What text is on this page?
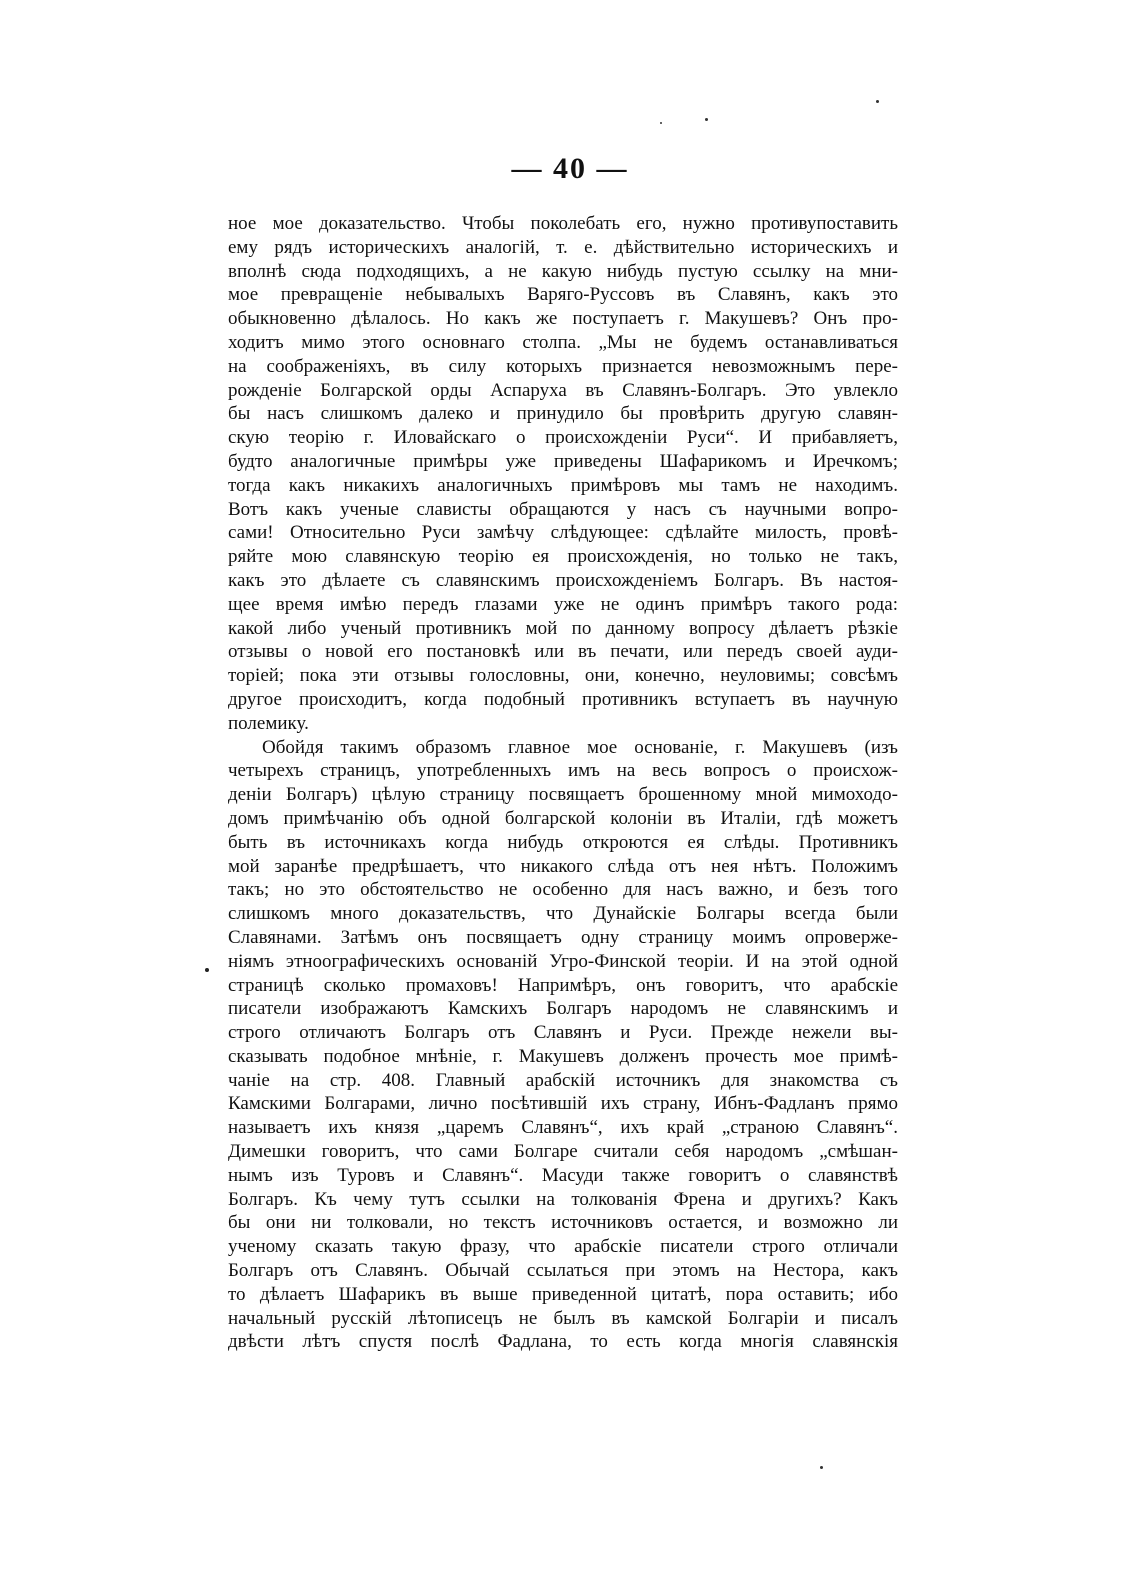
— 40 —
ное мое доказательство. Чтобы поколебать его, нужно противупоставить
ему рядъ историческихъ аналогій, т. е. дѣйствительно историческихъ и
вполнѣ сюда подходящихъ, а не какую нибудь пустую ссылку на мни-
мое превращеніе небывалыхъ Варяго-Руссовъ въ Славянъ, какъ это
обыкновенно дѣлалось. Но какъ же поступаетъ г. Макушевъ? Онъ про-
ходитъ мимо этого основнаго столпа. „Мы не будемъ останавливаться
на соображеніяхъ, въ силу которыхъ признается невозможнымъ пере-
рожденіе Болгарской орды Аспаруха въ Славянъ-Болгаръ. Это увлекло
бы насъ слишкомъ далеко и принудило бы провѣрить другую славян-
скую теорію г. Иловайскаго о происхожденіи Руси“. И прибавляетъ,
будто аналогичные примѣры уже приведены Шафарикомъ и Иречкомъ;
тогда какъ никакихъ аналогичныхъ примѣровъ мы тамъ не находимъ.
Вотъ какъ ученые слависты обращаются у насъ съ научными вопро-
сами! Относительно Руси замѣчу слѣдующее: сдѣлайте милость, провѣ-
ряйте мою славянскую теорію ея происхожденія, но только не такъ,
какъ это дѣлаете съ славянскимъ происхожденіемъ Болгаръ. Въ настоя-
щее время имѣю передъ глазами уже не одинъ примѣръ такого рода:
какой либо ученый противникъ мой по данному вопросу дѣлаетъ рѣзкіе
отзывы о новой его постановкѣ или въ печати, или передъ своей ауди-
торіей; пока эти отзывы голословны, они, конечно, неуловимы; совсѣмъ
другое происходитъ, когда подобный противникъ вступаетъ въ научную
полемику.
Обойдя такимъ образомъ главное мое основаніе, г. Макушевъ (изъ
четырехъ страницъ, употребленныхъ имъ на весь вопросъ о происхож-
деніи Болгаръ) цѣлую страницу посвящаетъ брошенному мной мимоходо-
домъ примѣчанію объ одной болгарской колоніи въ Италіи, гдѣ можетъ
быть въ источникахъ когда нибудь откроются ея слѣды. Противникъ
мой заранѣе предрѣшаетъ, что никакого слѣда отъ нея нѣтъ. Положимъ
такъ; но это обстоятельство не особенно для насъ важно, и безъ того
слишкомъ много доказательствъ, что Дунайскіе Болгары всегда были
Славянами. Затѣмъ онъ посвящаетъ одну страницу моимъ опроверже-
ніямъ этноографическихъ основаній Угро-Финской теоріи. И на этой одной
страницѣ сколько промаховъ! Напримѣръ, онъ говоритъ, что арабскіе
писатели изображаютъ Камскихъ Болгаръ народомъ не славянскимъ и
строго отличаютъ Болгаръ отъ Славянъ и Руси. Прежде нежели вы-
сказывать подобное мнѣніе, г. Макушевъ долженъ прочесть мое примѣ-
чаніе на стр. 408. Главный арабскій источникъ для знакомства съ
Камскими Болгарами, лично посѣтившій ихъ страну, Ибнъ-Фадланъ прямо
называетъ ихъ князя „царемъ Славянъ“, ихъ край „страною Славянъ“.
Димешки говоритъ, что сами Болгаре считали себя народомъ „смѣшан-
нымъ изъ Туровъ и Славянъ“. Масуди также говоритъ о славянствѣ
Болгаръ. Къ чему тутъ ссылки на толкованія Френа и другихъ? Какъ
бы они ни толковали, но текстъ источниковъ остается, и возможно ли
ученому сказать такую фразу, что арабскіе писатели строго отличали
Болгаръ отъ Славянъ. Обычай ссылаться при этомъ на Нестора, какъ
то дѣлаетъ Шафарикъ въ выше приведенной цитатѣ, пора оставить; ибо
начальный русскій лѣтописецъ не былъ въ камской Болгаріи и писалъ
двѣсти лѣтъ спустя послѣ Фадлана, то есть когда многія славянскія
